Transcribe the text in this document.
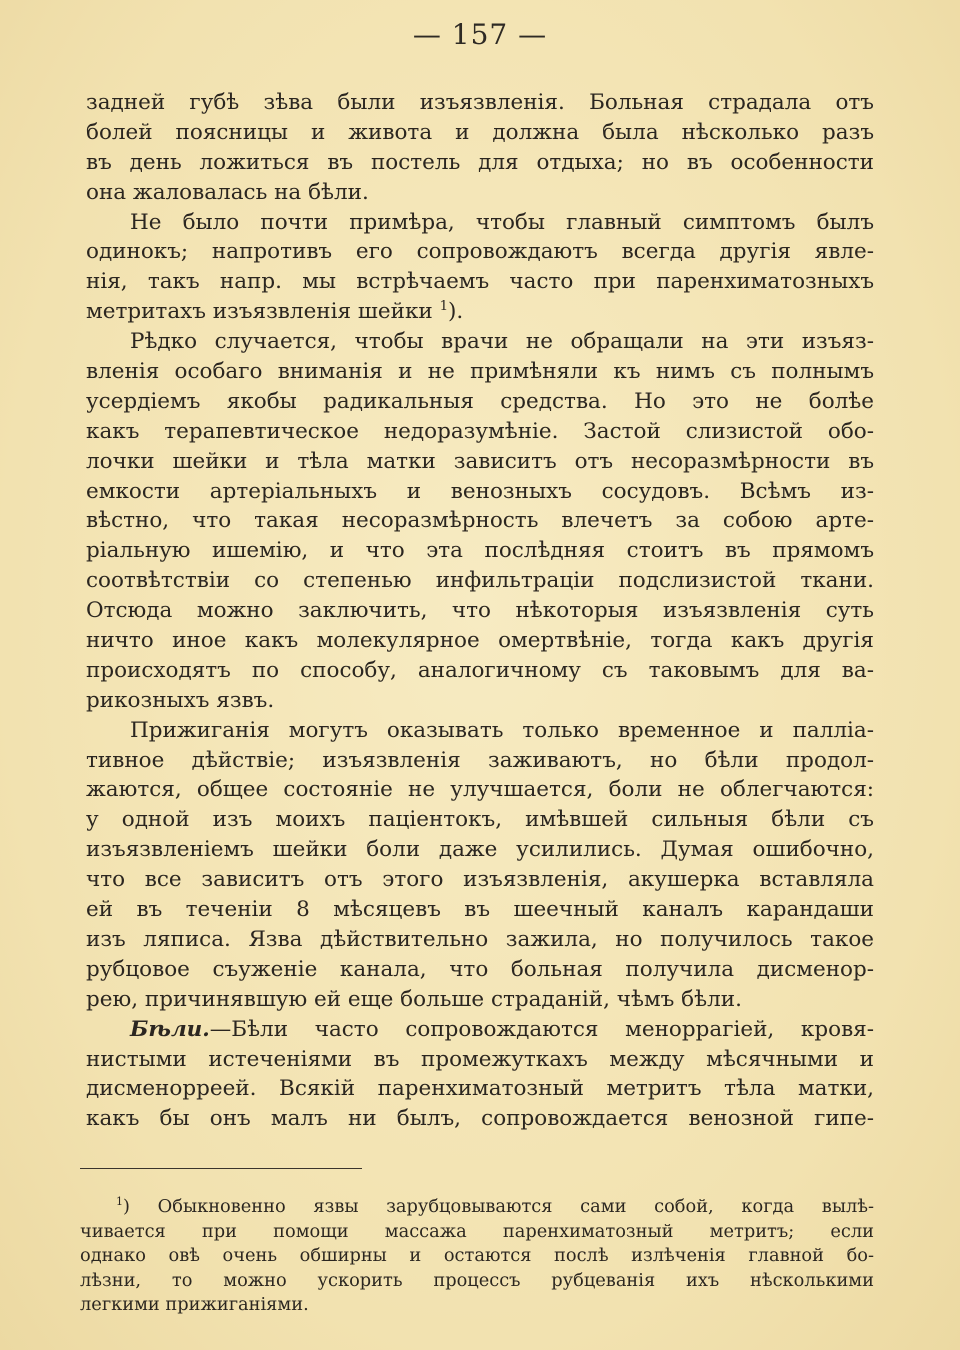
— 157 —
задней губѣ зѣва были изъязвленія. Больная страдала отъ
болей поясницы и живота и должна была нѣсколько разъ
въ день ложиться въ постель для отдыха; но въ особенности
она жаловалась на бѣли.
Не было почти примѣра, чтобы главный симптомъ былъ
одинокъ; напротивъ его сопровождаютъ всегда другія явле-
нія, такъ напр. мы встрѣчаемъ часто при паренхиматозныхъ
метритахъ изъязвленія шейки $^1$).
Рѣдко случается, чтобы врачи не обращали на эти изъяз-
вленія особаго вниманія и не примѣняли къ нимъ съ полнымъ
усердіемъ якобы радикальныя средства. Но это не болѣе
какъ терапевтическое недоразумѣніе. Застой слизистой обо-
лочки шейки и тѣла матки зависитъ отъ несоразмѣрности въ
емкости артеріальныхъ и венозныхъ сосудовъ. Всѣмъ из-
вѣстно, что такая несоразмѣрность влечетъ за собою арте-
ріальную ишемію, и что эта послѣдняя стоитъ въ прямомъ
соотвѣтствіи со степенью инфильтраціи подслизистой ткани.
Отсюда можно заключить, что нѣкоторыя изъязвленія суть
ничто иное какъ молекулярное омертвѣніе, тогда какъ другія
происходятъ по способу, аналогичному съ таковымъ для ва-
рикозныхъ язвъ.
Прижиганія могутъ оказывать только временное и палліа-
тивное дѣйствіе; изъязвленія заживаютъ, но бѣли продол-
жаются, общее состояніе не улучшается, боли не облегчаются:
у одной изъ моихъ паціентокъ, имѣвшей сильныя бѣли съ
изъязвленіемъ шейки боли даже усилились. Думая ошибочно,
что все зависитъ отъ этого изъязвленія, акушерка вставляла
ей въ теченіи 8 мѣсяцевъ въ шеечный каналъ карандаши
изъ ляписа. Язва дѣйствительно зажила, но получилось такое
рубцовое съуженіе канала, что больная получила дисменор-
рею, причинявшую ей еще больше страданій, чѣмъ бѣли.
Бѣли.—Бѣли часто сопровождаются меноррагіей, кровя-
нистыми истеченіями въ промежуткахъ между мѣсячными и
дисменорреей. Всякій паренхиматозный метритъ тѣла матки,
какъ бы онъ малъ ни былъ, сопровождается венозной гипе-
$^1$) Обыкновенно язвы зарубцовываются сами собой, когда вылѣ-
чивается при помощи массажа паренхиматозный метритъ; если
однако овѣ очень обширны и остаются послѣ излѣченія главной бо-
лѣзни, то можно ускорить процессъ рубцеванія ихъ нѣсколькими
легкими прижиганіями.
